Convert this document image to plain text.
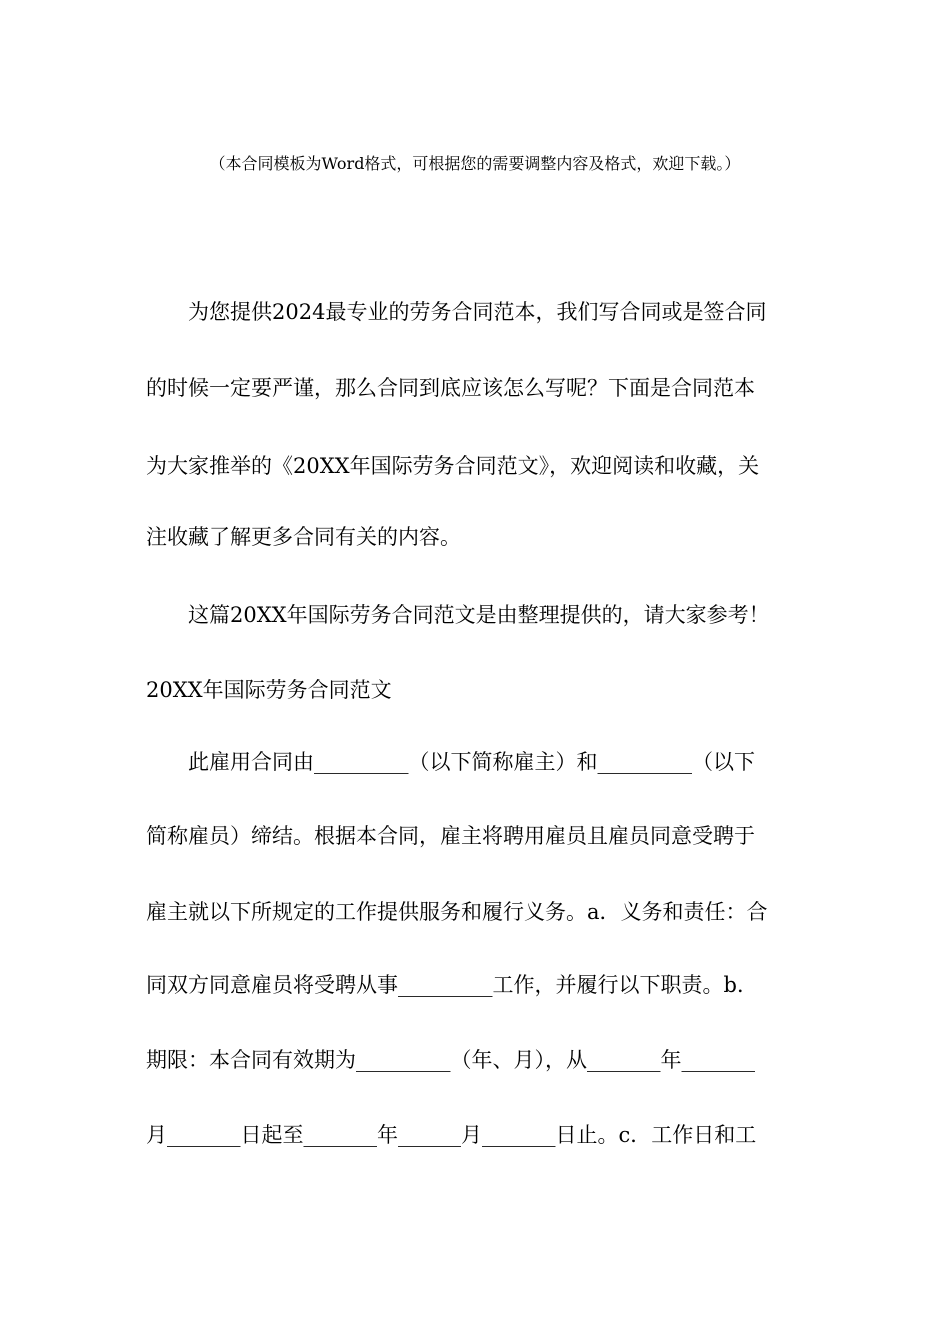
（本合同模板为Word格式，可根据您的需要调整内容及格式，欢迎下载。）
　　为您提供2024最专业的劳务合同范本，我们写合同或是签合同
的时候一定要严谨，那么合同到底应该怎么写呢？下面是合同范本
为大家推举的《20XX年国际劳务合同范文》，欢迎阅读和收藏，关
注收藏了解更多合同有关的内容。
　　这篇20XX年国际劳务合同范文是由整理提供的，请大家参考！
20XX年国际劳务合同范文
　　此雇用合同由_________（以下简称雇主）和_________（以下
简称雇员）缔结。根据本合同，雇主将聘用雇员且雇员同意受聘于
雇主就以下所规定的工作提供服务和履行义务。a．义务和责任：合
同双方同意雇员将受聘从事_________工作，并履行以下职责。b．
期限：本合同有效期为_________（年、月），从_______年_______
月_______日起至_______年______月_______日止。c．工作日和工
